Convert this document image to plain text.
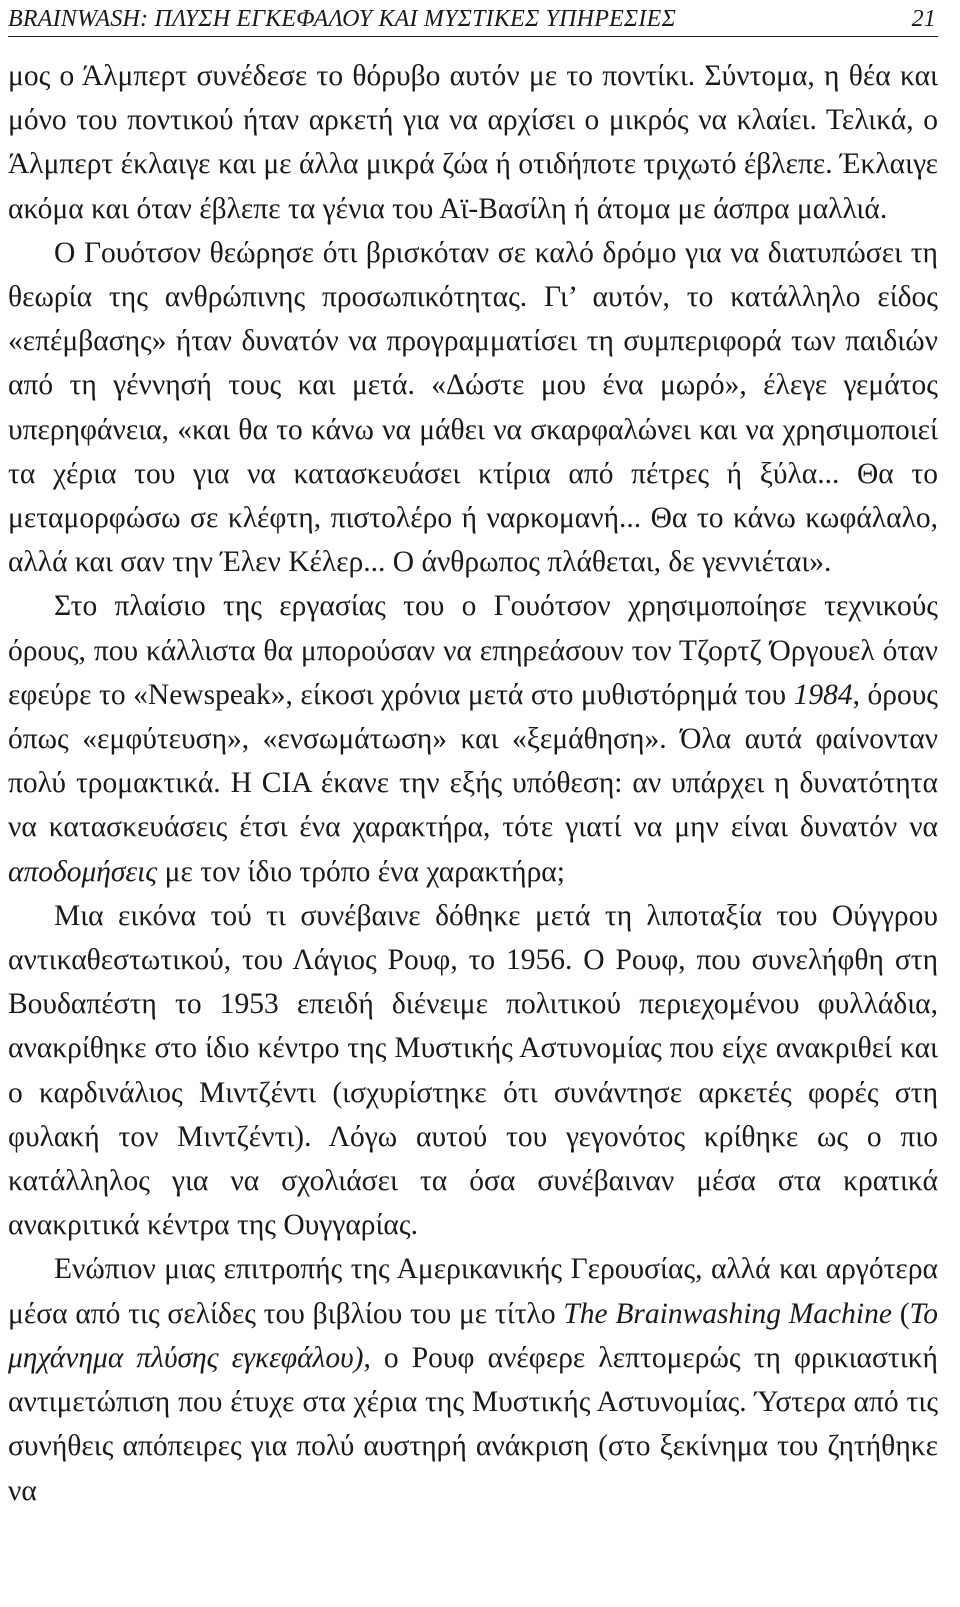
BRAINWASH: ΠΛΥΣΗ ΕΓΚΕΦΑΛΟΥ ΚΑΙ ΜΥΣΤΙΚΕΣ ΥΠΗΡΕΣΙΕΣ	21

μος ο Άλμπερτ συνέδεσε το θόρυβο αυτόν με το ποντίκι. Σύντομα, η θέα και μόνο του ποντικού ήταν αρκετή για να αρχίσει ο μικρός να κλαίει. Τελικά, ο Άλμπερτ έκλαιγε και με άλλα μικρά ζώα ή οτιδήποτε τριχωτό έβλεπε. Έκλαιγε ακόμα και όταν έβλεπε τα γένια του Αϊ-Βασίλη ή άτομα με άσπρα μαλλιά.

Ο Γουότσον θεώρησε ότι βρισκόταν σε καλό δρόμο για να διατυπώσει τη θεωρία της ανθρώπινης προσωπικότητας. Γι’ αυτόν, το κατάλληλο είδος «επέμβασης» ήταν δυνατόν να προγραμματίσει τη συμπεριφορά των παιδιών από τη γέννησή τους και μετά. «Δώστε μου ένα μωρό», έλεγε γεμάτος υπερηφάνεια, «και θα το κάνω να μάθει να σκαρφαλώνει και να χρησιμοποιεί τα χέρια του για να κατασκευάσει κτίρια από πέτρες ή ξύλα... Θα το μεταμορφώσω σε κλέφτη, πιστολέρο ή ναρκομανή... Θα το κάνω κωφάλαλο, αλλά και σαν την Έλεν Κέλερ... Ο άνθρωπος πλάθεται, δε γεννιέται».

Στο πλαίσιο της εργασίας του ο Γουότσον χρησιμοποίησε τεχνικούς όρους, που κάλλιστα θα μπορούσαν να επηρεάσουν τον Τζορτζ Όργουελ όταν εφεύρε το «Newspeak», είκοσι χρόνια μετά στο μυθιστόρημά του 1984, όρους όπως «εμφύτευση», «ενσωμάτωση» και «ξεμάθηση». Όλα αυτά φαίνονταν πολύ τρομακτικά. Η CIA έκανε την εξής υπόθεση: αν υπάρχει η δυνατότητα να κατασκευάσεις έτσι ένα χαρακτήρα, τότε γιατί να μην είναι δυνατόν να αποδομήσεις με τον ίδιο τρόπο ένα χαρακτήρα;

Μια εικόνα τού τι συνέβαινε δόθηκε μετά τη λιποταξία του Ούγγρου αντικαθεστωτικού, του Λάγιος Ρουφ, το 1956. Ο Ρουφ, που συνελήφθη στη Βουδαπέστη το 1953 επειδή διένειμε πολιτικού περιεχομένου φυλλάδια, ανακρίθηκε στο ίδιο κέντρο της Μυστικής Αστυνομίας που είχε ανακριθεί και ο καρδινάλιος Μιντζέντι (ισχυρίστηκε ότι συνάντησε αρκετές φορές στη φυλακή τον Μιντζέντι). Λόγω αυτού του γεγονότος κρίθηκε ως ο πιο κατάλληλος για να σχολιάσει τα όσα συνέβαιναν μέσα στα κρατικά ανακριτικά κέντρα της Ουγγαρίας.

Ενώπιον μιας επιτροπής της Αμερικανικής Γερουσίας, αλλά και αργότερα μέσα από τις σελίδες του βιβλίου του με τίτλο The Brainwashing Machine (Το μηχάνημα πλύσης εγκεφάλου), ο Ρουφ ανέφερε λεπτομερώς τη φρικιαστική αντιμετώπιση που έτυχε στα χέρια της Μυστικής Αστυνομίας. Ύστερα από τις συνήθεις απόπειρες για πολύ αυστηρή ανάκριση (στο ξεκίνημα του ζητήθηκε να
